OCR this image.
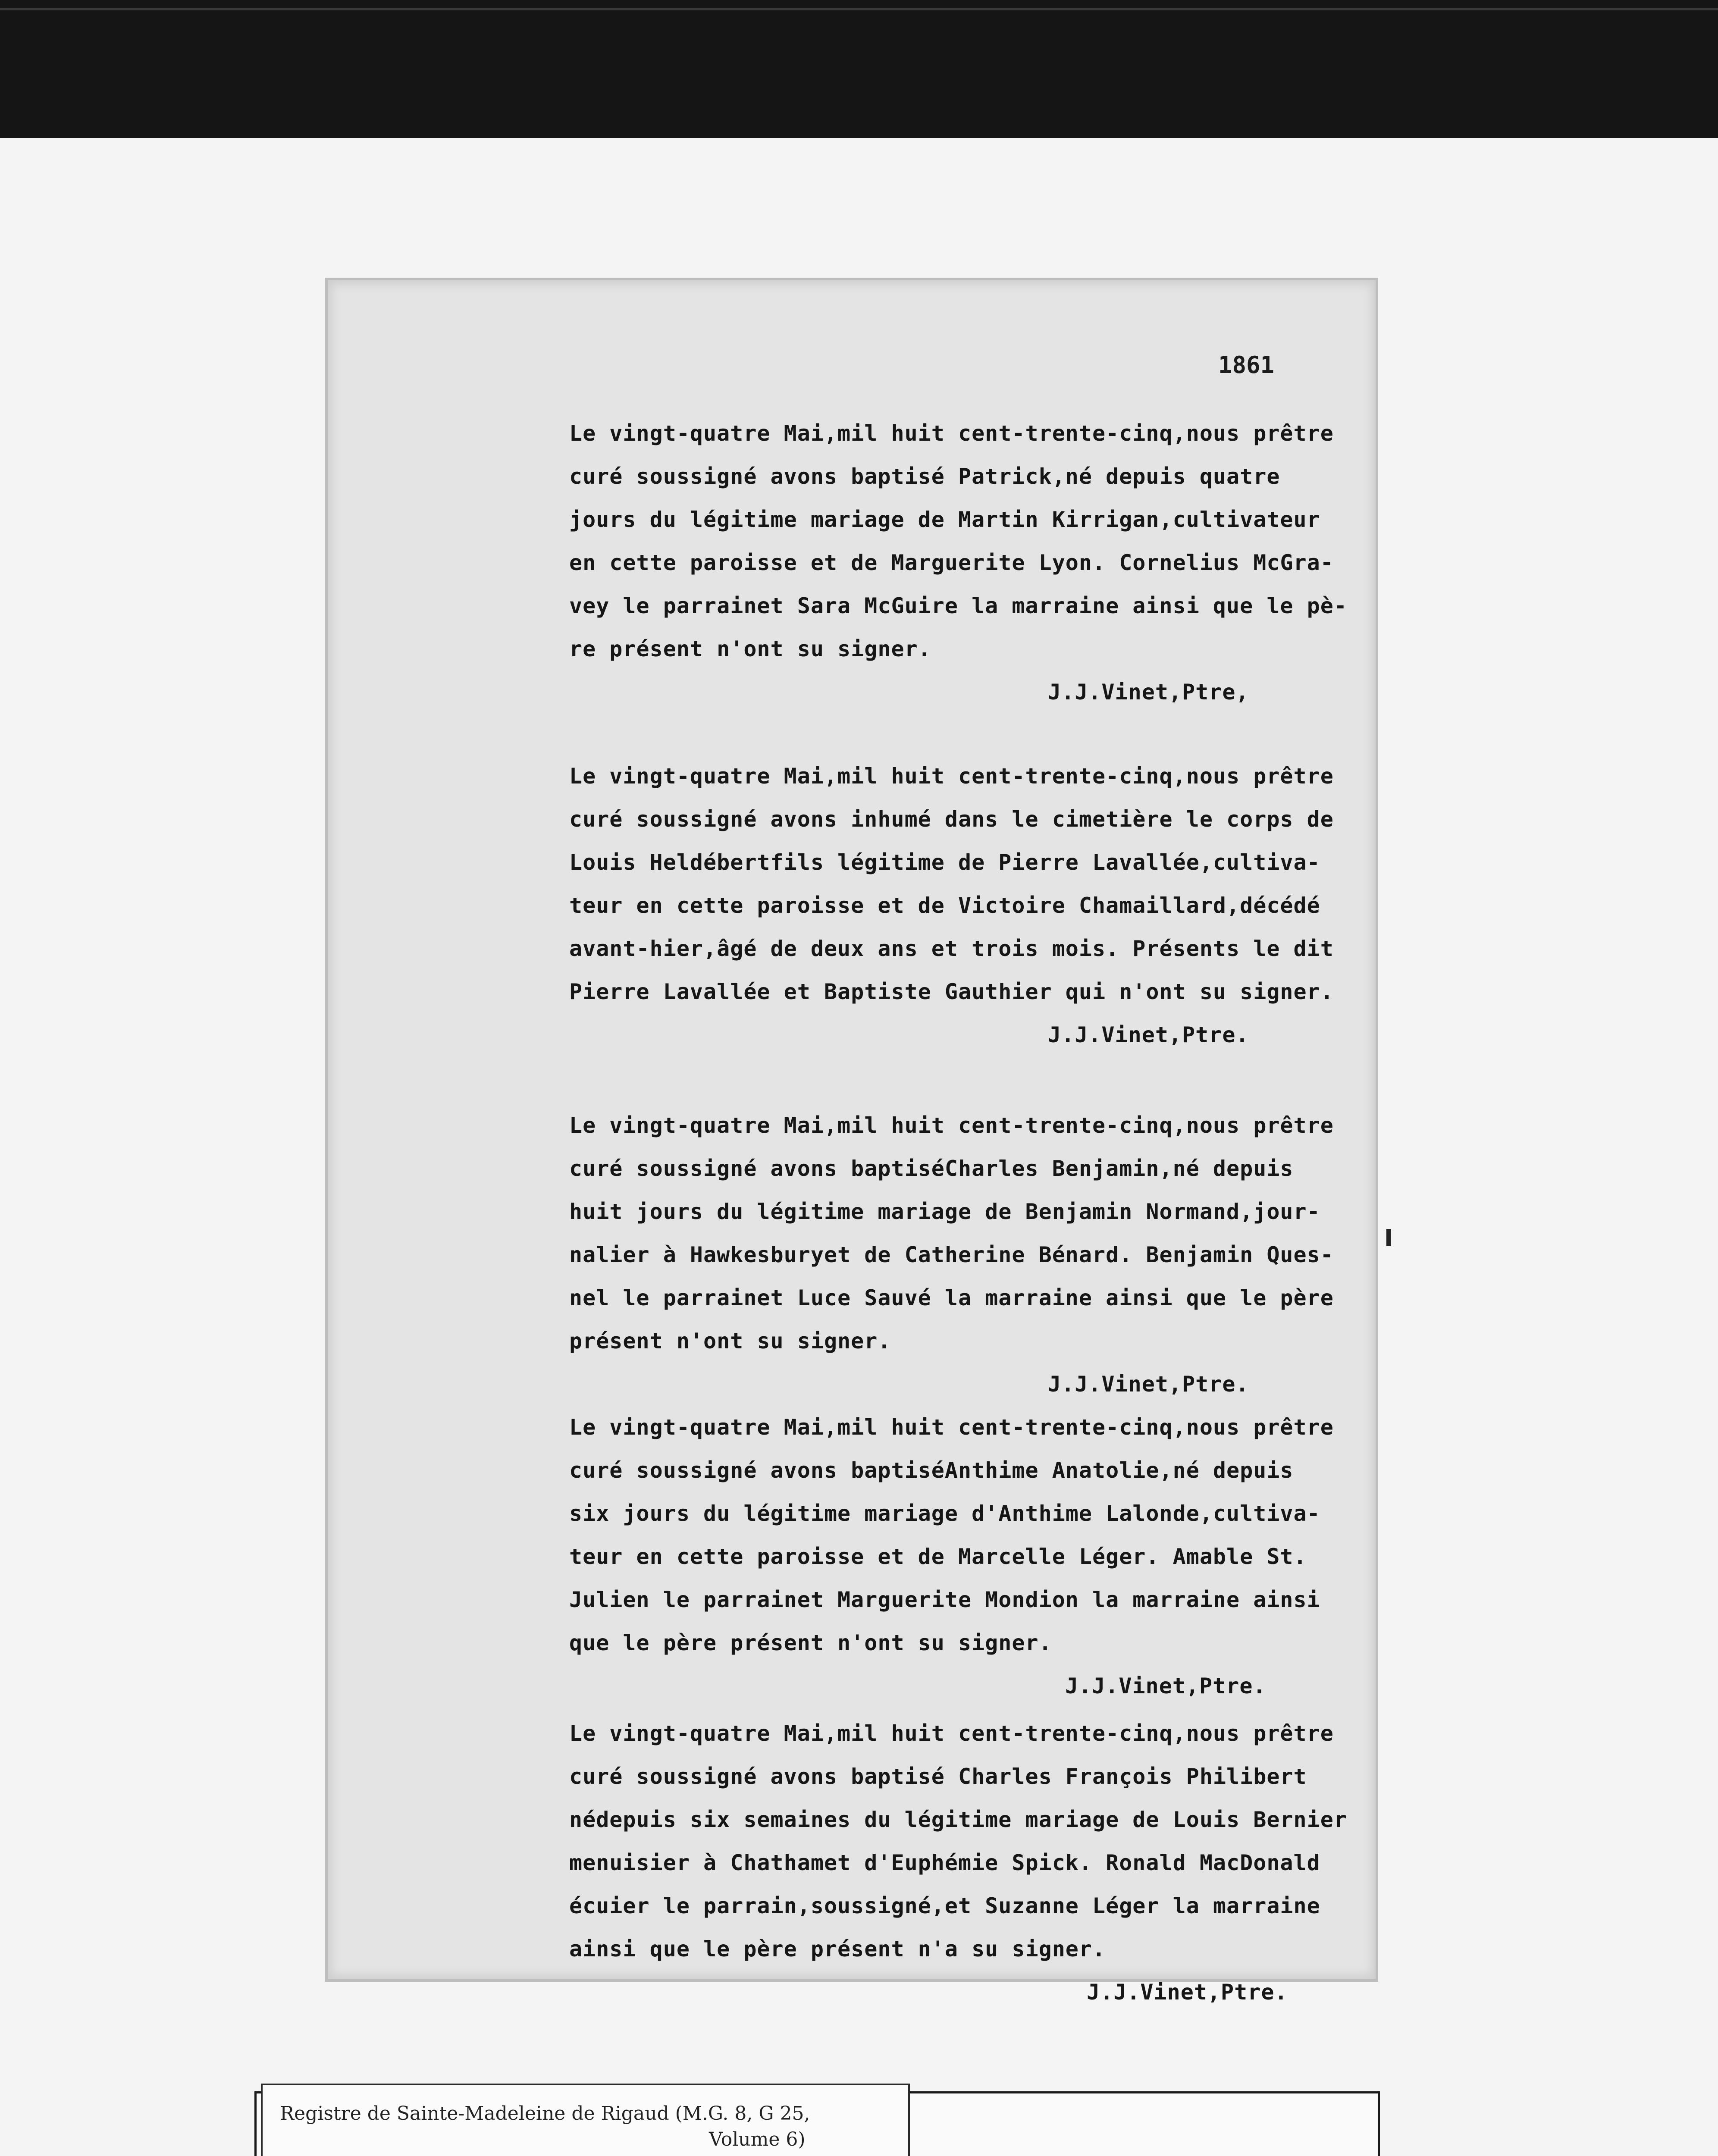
1861
Le vingt-quatre Mai,mil huit cent-trente-cinq,nous prêtre
curé soussigné avons baptisé Patrick,né depuis quatre
jours du légitime mariage de Martin Kirrigan,cultivateur
en cette paroisse et de Marguerite Lyon. Cornelius McGra-
vey le parrainet Sara McGuire la marraine ainsi que le pè-
re présent n'ont su signer.
J.J.Vinet,Ptre,
Le vingt-quatre Mai,mil huit cent-trente-cinq,nous prêtre
curé soussigné avons inhumé dans le cimetière le corps de
Louis Heldébertfils légitime de Pierre Lavallée,cultiva-
teur en cette paroisse et de Victoire Chamaillard,décédé
avant-hier,âgé de deux ans et trois mois. Présents le dit
Pierre Lavallée et Baptiste Gauthier qui n'ont su signer.
J.J.Vinet,Ptre.
Le vingt-quatre Mai,mil huit cent-trente-cinq,nous prêtre
curé soussigné avons baptiséCharles Benjamin,né depuis
huit jours du légitime mariage de Benjamin Normand,jour-
nalier à Hawkesburyet de Catherine Bénard. Benjamin Ques-
nel le parrainet Luce Sauvé la marraine ainsi que le père
présent n'ont su signer.
J.J.Vinet,Ptre.
Le vingt-quatre Mai,mil huit cent-trente-cinq,nous prêtre
curé soussigné avons baptiséAnthime Anatolie,né depuis
six jours du légitime mariage d'Anthime Lalonde,cultiva-
teur en cette paroisse et de Marcelle Léger. Amable St.
Julien le parrainet Marguerite Mondion la marraine ainsi
que le père présent n'ont su signer.
J.J.Vinet,Ptre.
Le vingt-quatre Mai,mil huit cent-trente-cinq,nous prêtre
curé soussigné avons baptisé Charles François Philibert
nédepuis six semaines du légitime mariage de Louis Bernier
menuisier à Chathamet d'Euphémie Spick. Ronald MacDonald
écuier le parrain,soussigné,et Suzanne Léger la marraine
ainsi que le père présent n'a su signer.
J.J.Vinet,Ptre.
Registre de Sainte-Madeleine de Rigaud (M.G. 8, G 25,
Volume 6)
